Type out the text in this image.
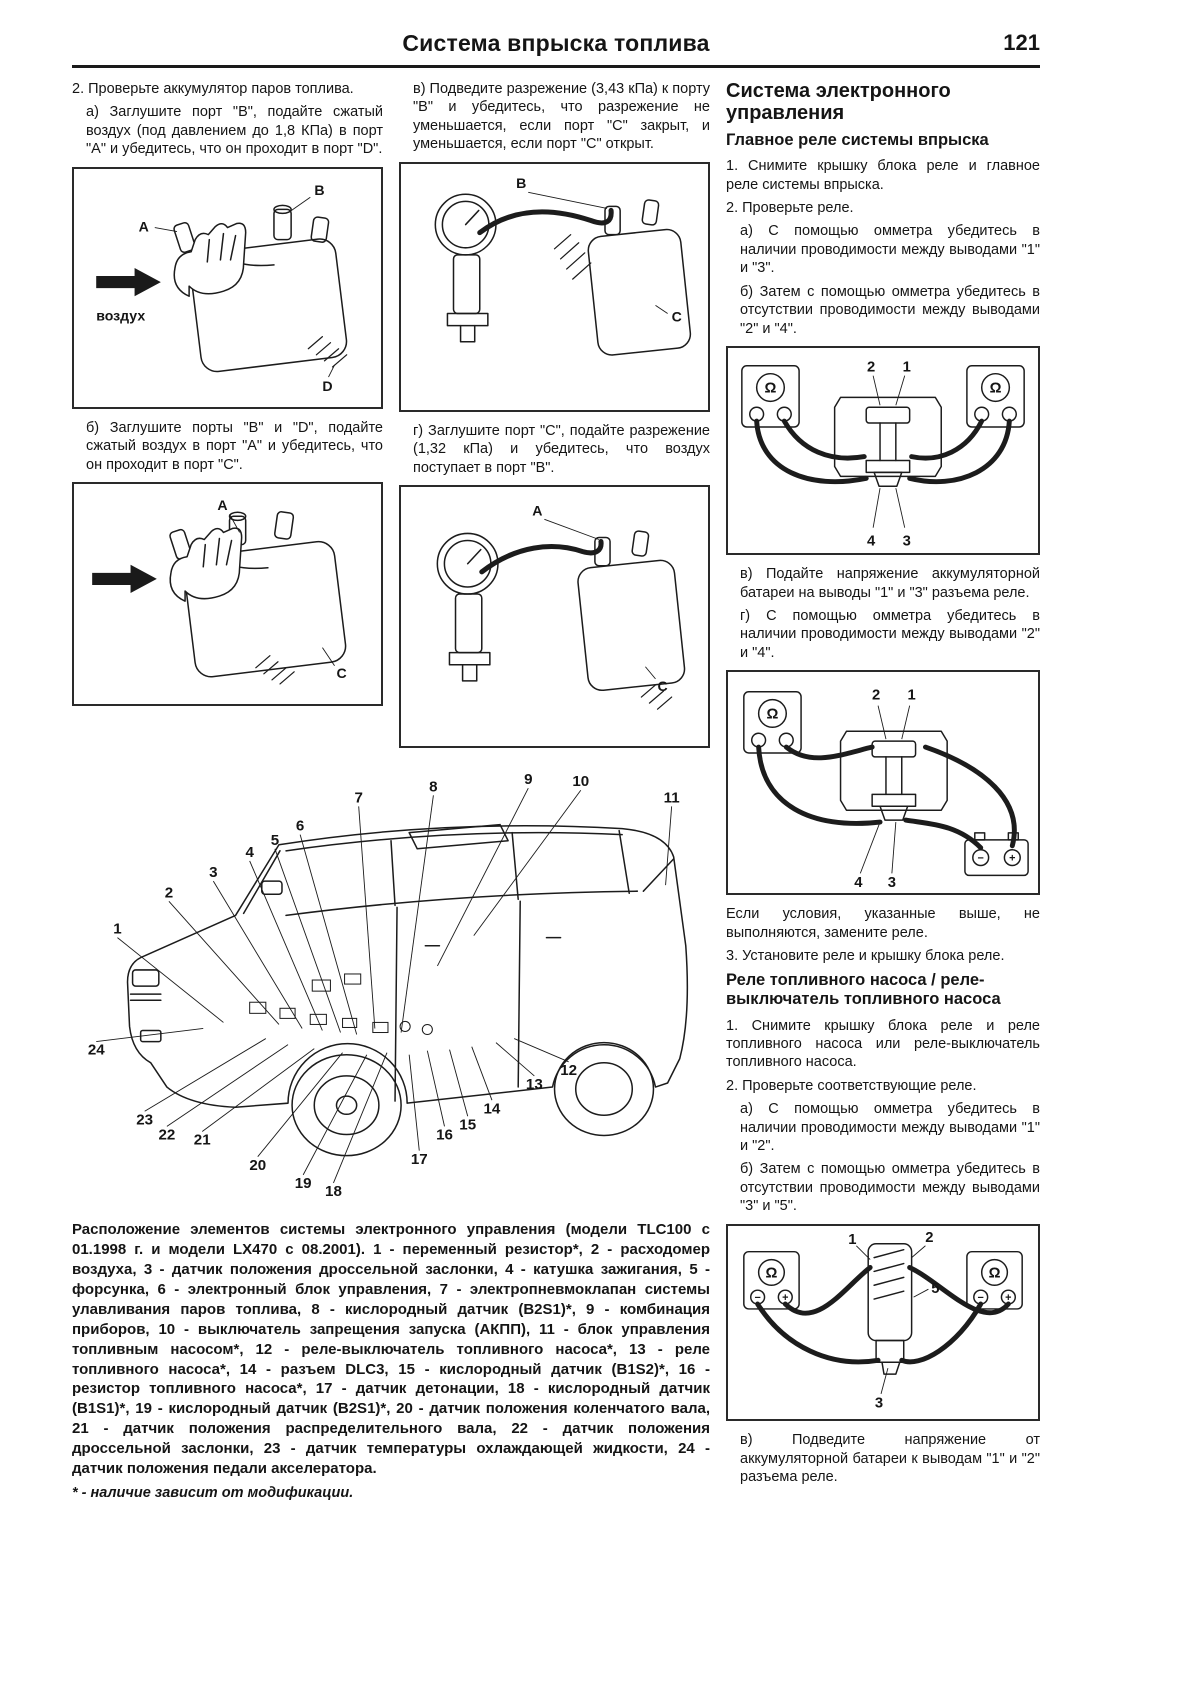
Система впрыска топлива	121

2. Проверьте аккумулятор паров топлива.

а) Заглушите порт "B", подайте сжатый воздух (под давлением до 1,8 КПа) в порт "А" и убедитесь, что он проходит в порт "D".

воздух
A
B
D

б) Заглушите порты "B" и "D", подайте сжатый воздух в порт "А" и убедитесь, что он проходит в порт "С".

A
C

в) Подведите разрежение (3,43 кПа) к порту "B" и убедитесь, что разрежение не уменьшается, если порт "С" закрыт, и уменьшается, если порт "С" открыт.

B
C

г) Заглушите порт "С", подайте разрежение (1,32 кПа) и убедитесь, что воздух поступает в порт "В".

A
C
1
2
3
4
5
6
7
8	9	10
11
12
13
14
15
16
17
18
19
20
21
22
23
24

Расположение элементов системы электронного управления (модели TLC100 с 01.1998 г. и модели LX470 с 08.2001). 1 - переменный резистор*, 2 - расходомер воздуха, 3 - датчик положения дроссельной заслонки, 4 - катушка зажигания, 5 - форсунка, 6 - электронный блок управления, 7 - электропневмоклапан системы улавливания паров топлива, 8 - кислородный датчик (B2S1)*, 9 - комбинация приборов, 10 - выключатель запрещения запуска (АКПП), 11 - блок управления топливным насосом*, 12 - реле-выключатель топливного насоса*, 13 - реле топливного насоса*, 14 - разъем DLC3, 15 - кислородный датчик (B1S2)*, 16 - резистор топливного насоса*, 17 - датчик детонации, 18 - кислородный датчик (B1S1)*, 19 - кислородный датчик (B2S1)*, 20 - датчик положения коленчатого вала, 21 - датчик положения распределительного вала, 22 - датчик положения дроссельной заслонки, 23 - датчик температуры охлаждающей жидкости, 24 - датчик положения педали акселератора.

* - наличие зависит от модификации.

Система электронного управления
Главное реле системы впрыска

1. Снимите крышку блока реле и главное реле системы впрыска.

2. Проверьте реле.

а) С помощью омметра убедитесь в наличии проводимости между выводами "1" и "3".

б) Затем с помощью омметра убедитесь в отсутствии проводимости между выводами "2" и "4".

Ω	Ω
2 1
4 3

в) Подайте напряжение аккумуляторной батареи на выводы "1" и "3" разъема реле.

г) С помощью омметра убедитесь в наличии проводимости между выводами "2" и "4".

Ω
− +
2 1
4 3

Если условия, указанные выше, не выполняются, замените реле.

3. Установите реле и крышку блока реле.

Реле топливного насоса / реле-выключатель топливного насоса

1. Снимите крышку блока реле и реле топливного насоса или реле-выключатель топливного насоса.

2. Проверьте соответствующие реле.

а) С помощью омметра убедитесь в наличии проводимости между выводами "1" и "2".

б) Затем с помощью омметра убедитесь в отсутствии проводимости между выводами "3" и "5".

Ω
− +
Ω
− +
1	2
5
3

в) Подведите напряжение от аккумуляторной батареи к выводам "1" и "2" разъема реле.
